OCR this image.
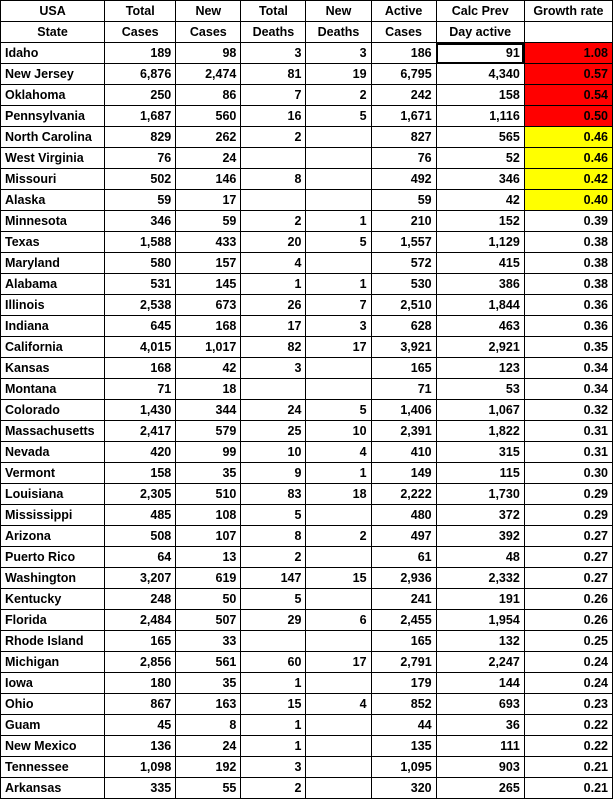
USA	Total	New	Total	New	Active	Calc Prev	Growth rate
State	Cases	Cases	Deaths	Deaths	Cases	Day active	
Idaho	189	98	3	3	186	91	1.08
New Jersey	6,876	2,474	81	19	6,795	4,340	0.57
Oklahoma	250	86	7	2	242	158	0.54
Pennsylvania	1,687	560	16	5	1,671	1,116	0.50
North Carolina	829	262	2		827	565	0.46
West Virginia	76	24			76	52	0.46
Missouri	502	146	8		492	346	0.42
Alaska	59	17			59	42	0.40
Minnesota	346	59	2	1	210	152	0.39
Texas	1,588	433	20	5	1,557	1,129	0.38
Maryland	580	157	4		572	415	0.38
Alabama	531	145	1	1	530	386	0.38
Illinois	2,538	673	26	7	2,510	1,844	0.36
Indiana	645	168	17	3	628	463	0.36
California	4,015	1,017	82	17	3,921	2,921	0.35
Kansas	168	42	3		165	123	0.34
Montana	71	18			71	53	0.34
Colorado	1,430	344	24	5	1,406	1,067	0.32
Massachusetts	2,417	579	25	10	2,391	1,822	0.31
Nevada	420	99	10	4	410	315	0.31
Vermont	158	35	9	1	149	115	0.30
Louisiana	2,305	510	83	18	2,222	1,730	0.29
Mississippi	485	108	5		480	372	0.29
Arizona	508	107	8	2	497	392	0.27
Puerto Rico	64	13	2		61	48	0.27
Washington	3,207	619	147	15	2,936	2,332	0.27
Kentucky	248	50	5		241	191	0.26
Florida	2,484	507	29	6	2,455	1,954	0.26
Rhode Island	165	33			165	132	0.25
Michigan	2,856	561	60	17	2,791	2,247	0.24
Iowa	180	35	1		179	144	0.24
Ohio	867	163	15	4	852	693	0.23
Guam	45	8	1		44	36	0.22
New Mexico	136	24	1		135	111	0.22
Tennessee	1,098	192	3		1,095	903	0.21
Arkansas	335	55	2		320	265	0.21
